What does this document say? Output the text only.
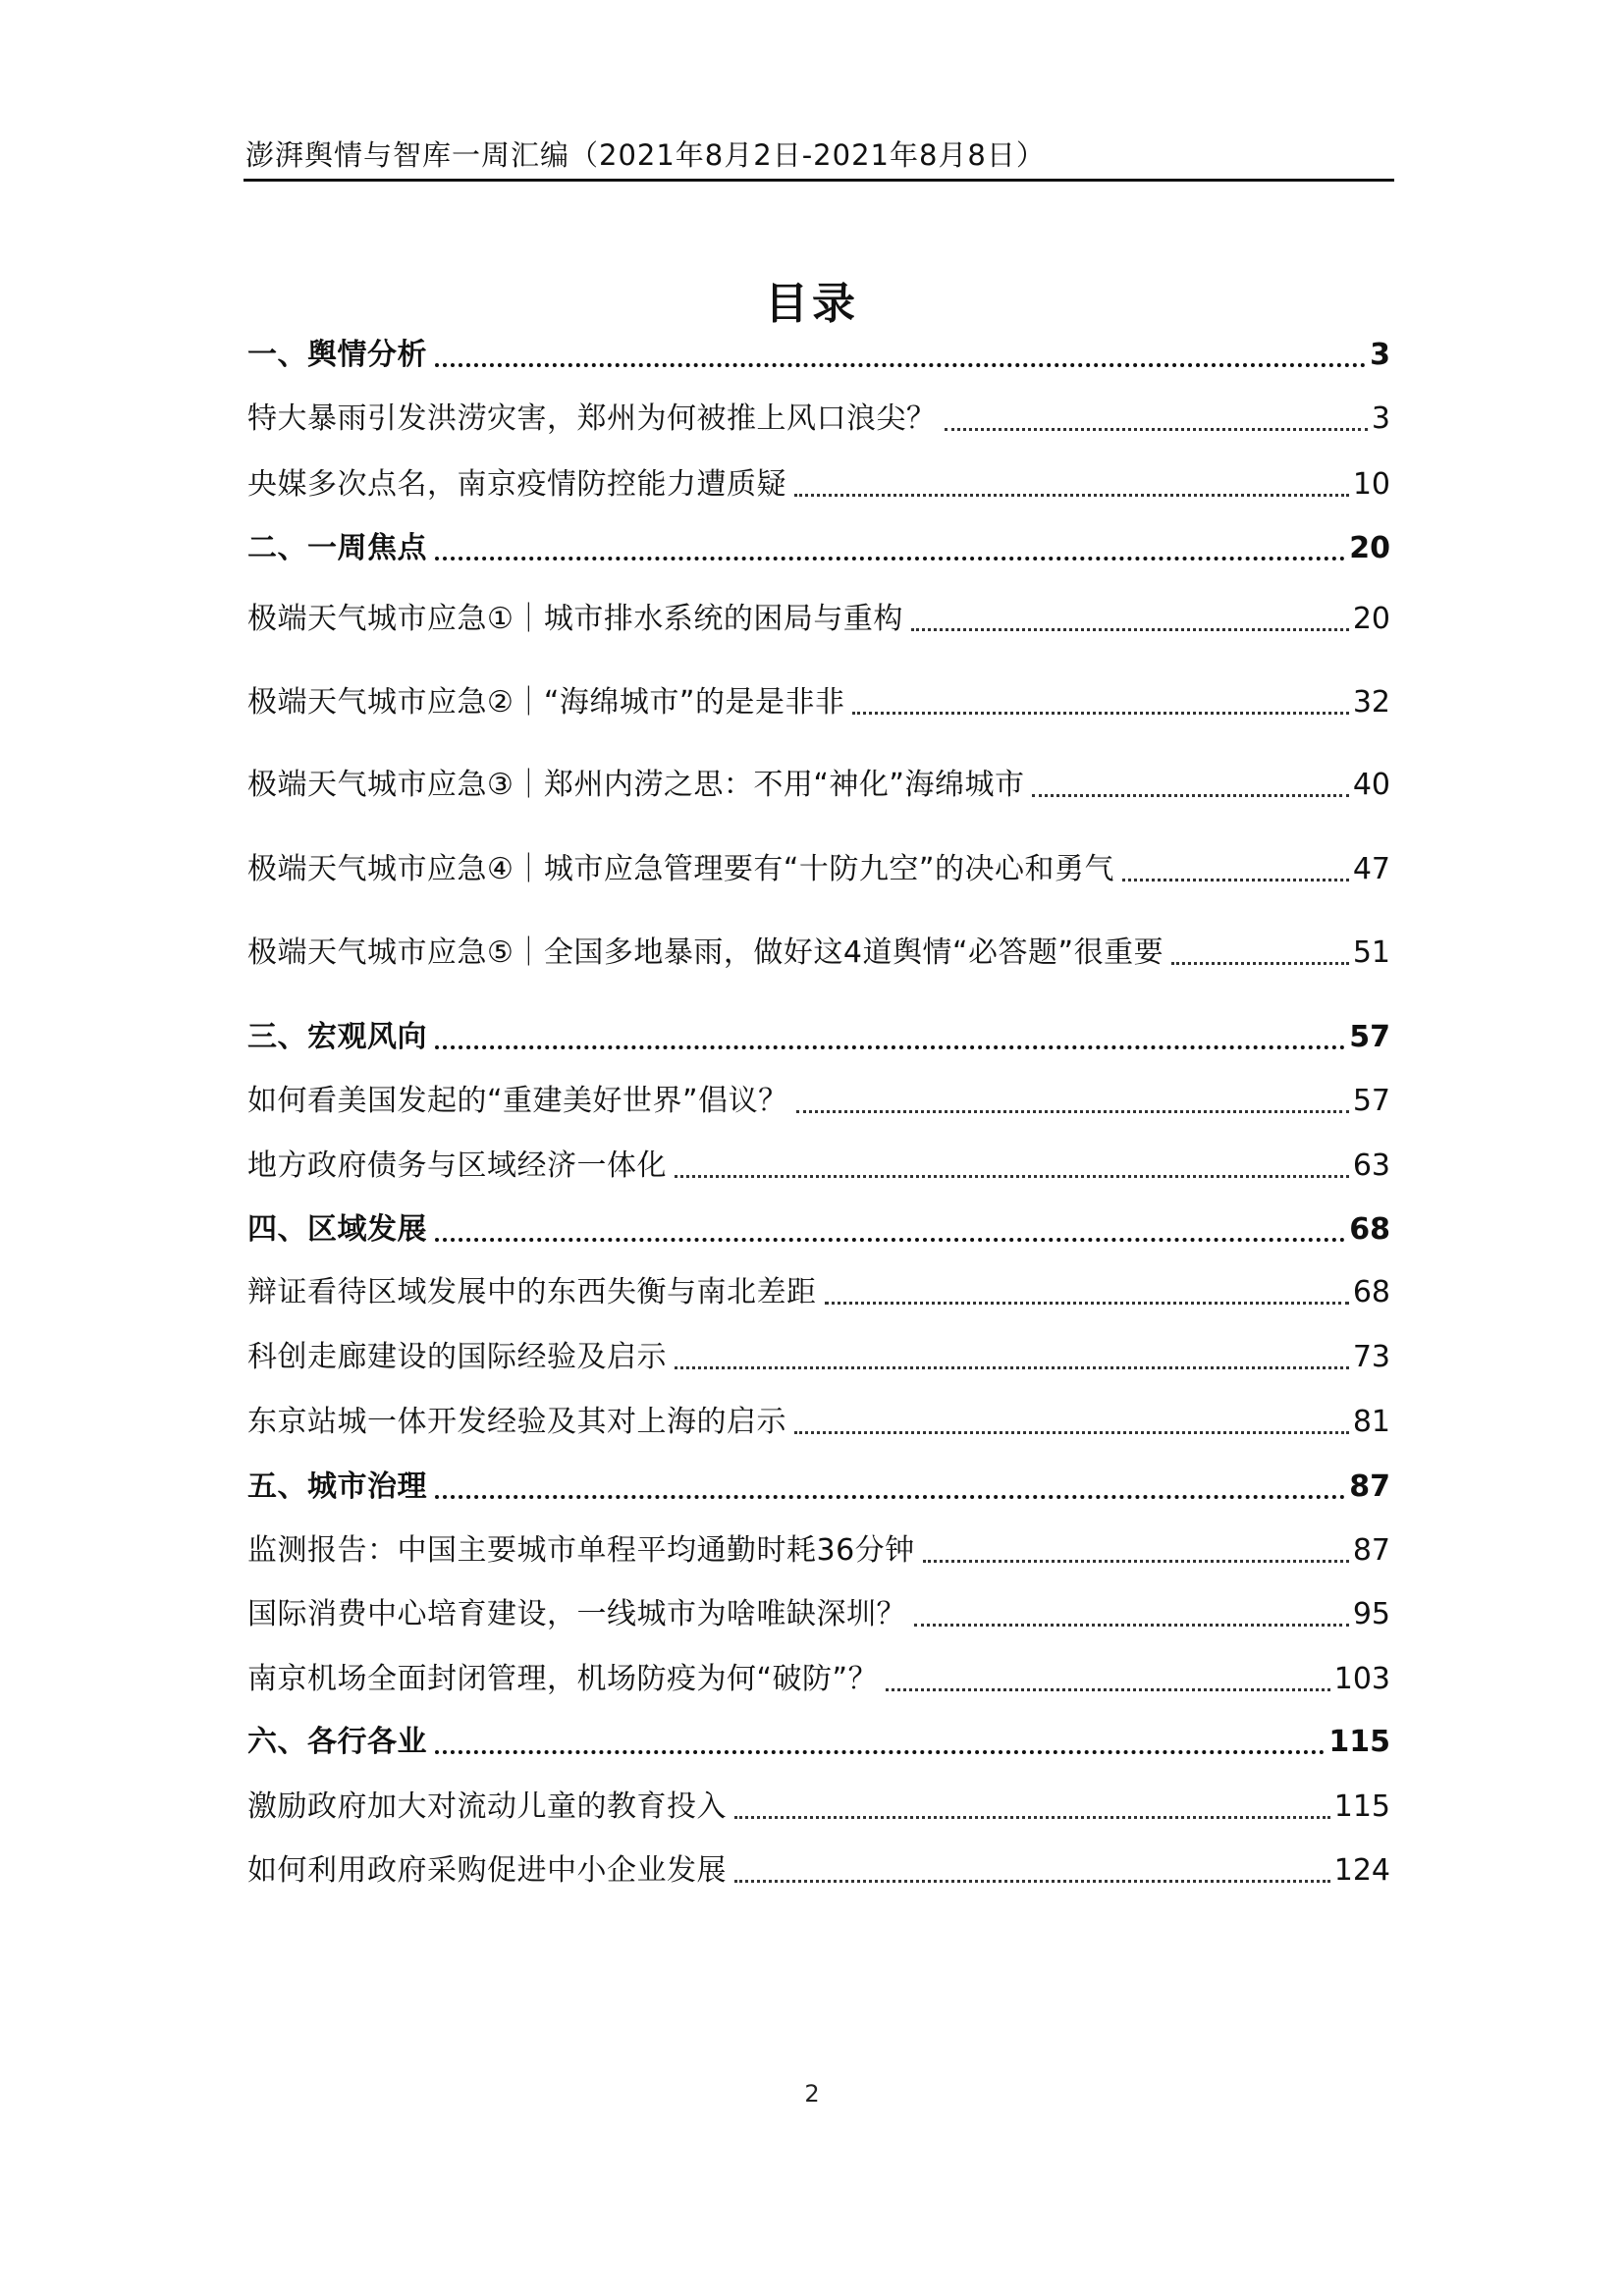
澎湃舆情与智库一周汇编（2021年8月2日-2021年8月8日）
目录
一、舆情分析	3
特大暴雨引发洪涝灾害，郑州为何被推上风口浪尖？	3
央媒多次点名，南京疫情防控能力遭质疑	10
二、一周焦点	20
极端天气城市应急①｜城市排水系统的困局与重构	20
极端天气城市应急②｜“海绵城市”的是是非非	32
极端天气城市应急③｜郑州内涝之思：不用“神化”海绵城市	40
极端天气城市应急④｜城市应急管理要有“十防九空”的决心和勇气	47
极端天气城市应急⑤｜全国多地暴雨，做好这4道舆情“必答题”很重要	51
三、宏观风向	57
如何看美国发起的“重建美好世界”倡议？	57
地方政府债务与区域经济一体化	63
四、区域发展	68
辩证看待区域发展中的东西失衡与南北差距	68
科创走廊建设的国际经验及启示	73
东京站城一体开发经验及其对上海的启示	81
五、城市治理	87
监测报告：中国主要城市单程平均通勤时耗36分钟	87
国际消费中心培育建设，一线城市为啥唯缺深圳？	95
南京机场全面封闭管理，机场防疫为何“破防”？	103
六、各行各业	115
激励政府加大对流动儿童的教育投入	115
如何利用政府采购促进中小企业发展	124
2
